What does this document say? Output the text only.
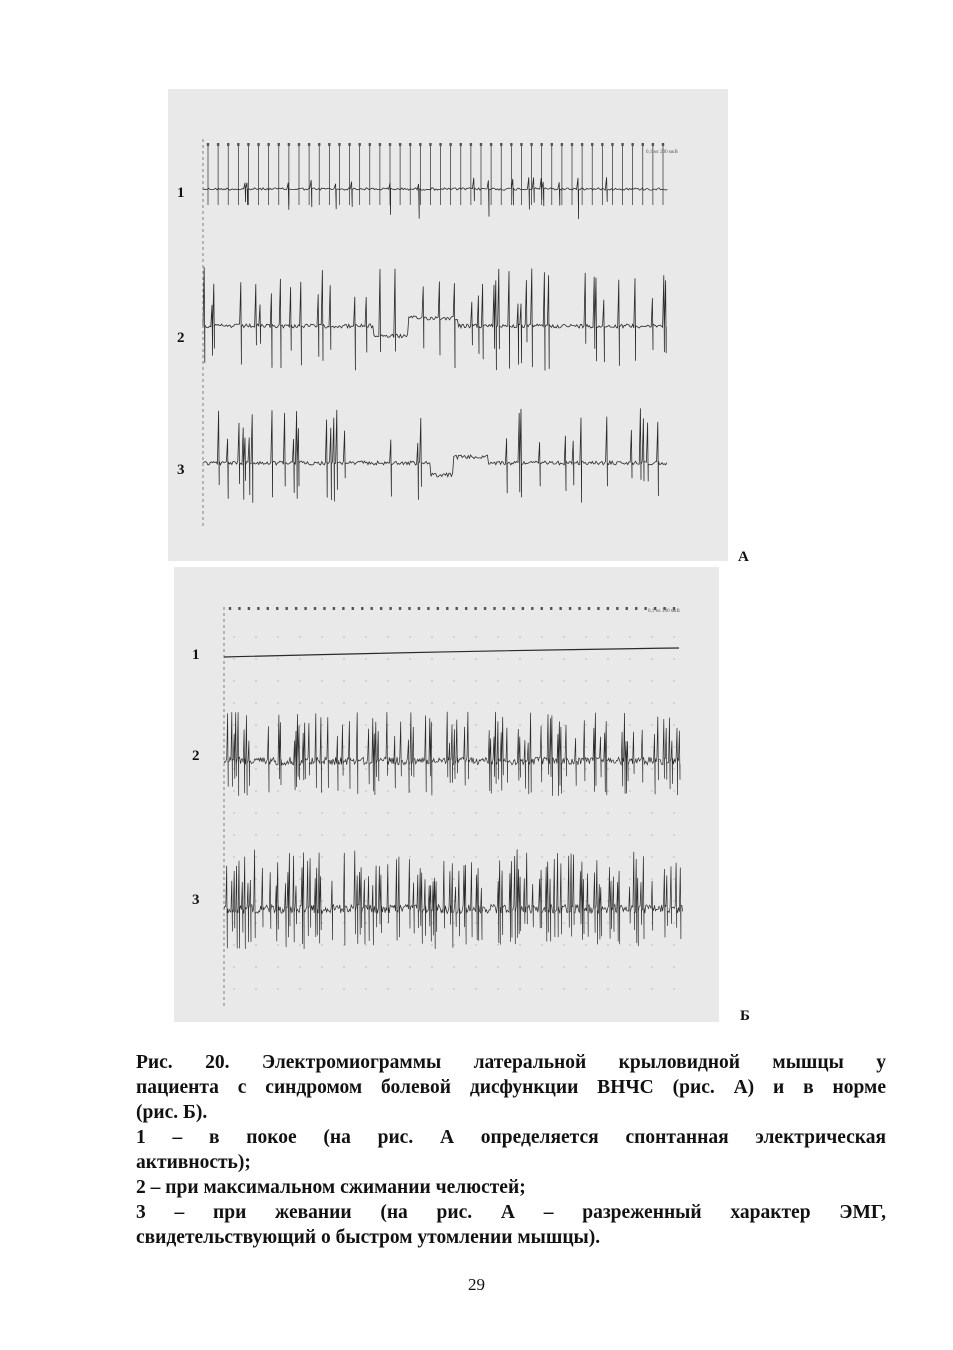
1
2
3
0,1 мс 200 мкВ
А
1
2
3
0,1 мс 200 мкВ
Б

Рис. 20. Электромиограммы латеральной крыловидной мышцы у

пациента с синдромом болевой дисфункции ВНЧС (рис. А) и в норме

(рис. Б).

1 – в покое (на рис. А определяется спонтанная электрическая

активность);

2 – при максимальном сжимании челюстей;

3 – при жевании (на рис. А – разреженный характер ЭМГ,

свидетельствующий о быстром утомлении мышцы).

29
